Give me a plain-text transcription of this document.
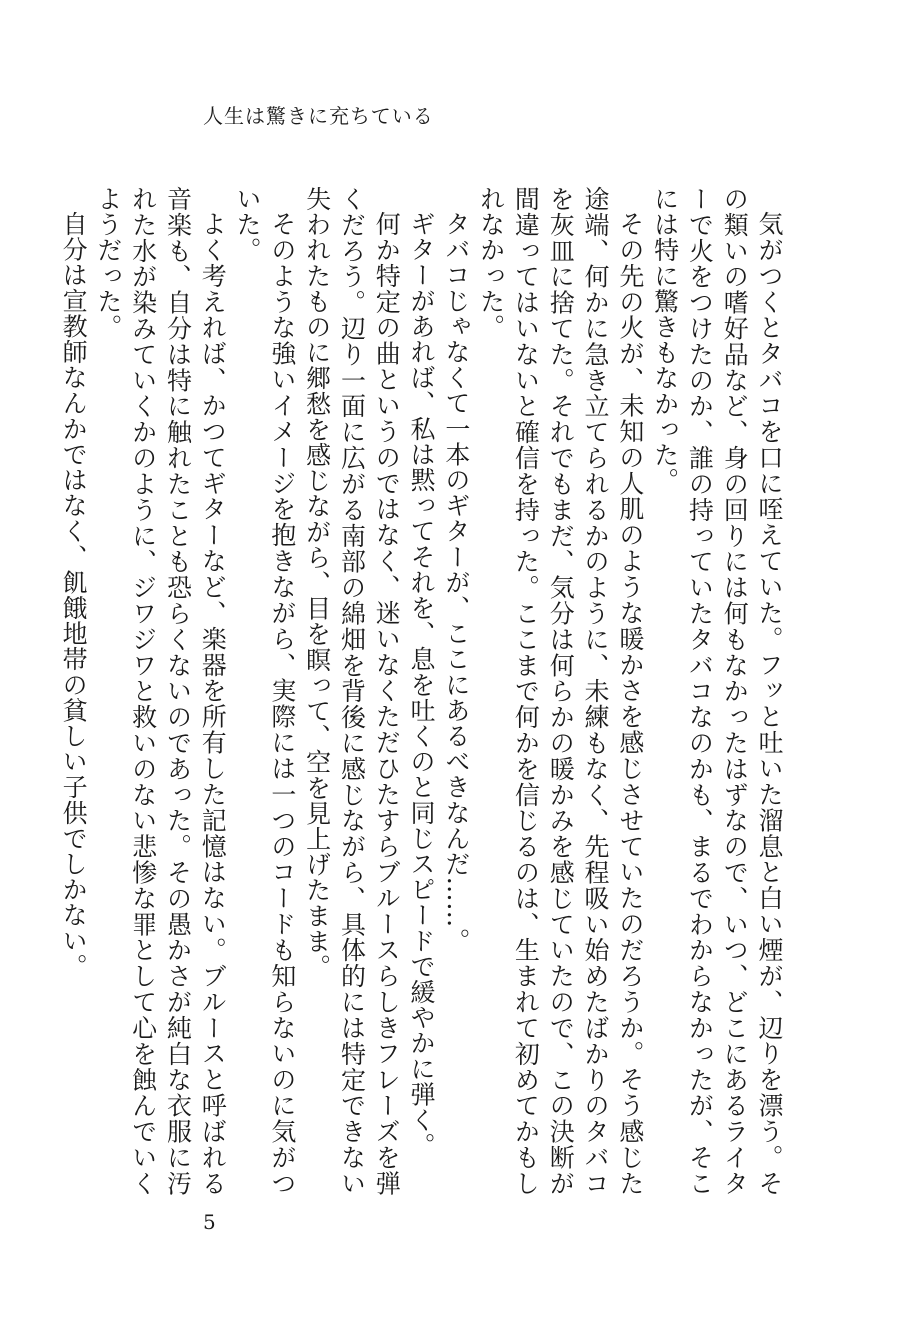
人生は驚きに充ちている

気がつくとタバコを口に咥えていた。フッと吐いた溜息と白い煙が、辺りを漂う。その類いの嗜好品など、身の回りには何もなかったはずなので、いつ、どこにあるライターで火をつけたのか、誰の持っていたタバコなのかも、まるでわからなかったが、そこには特に驚きもなかった。

その先の火が、未知の人肌のような暖かさを感じさせていたのだろうか。そう感じた途端、何かに急き立てられるかのように、未練もなく、先程吸い始めたばかりのタバコを灰皿に捨てた。それでもまだ、気分は何らかの暖かみを感じていたので、この決断が間違ってはいないと確信を持った。ここまで何かを信じるのは、生まれて初めてかもしれなかった。

タバコじゃなくて一本のギターが、ここにあるべきなんだ……。

ギターがあれば、私は黙ってそれを、息を吐くのと同じスピードで緩やかに弾く。

何か特定の曲というのではなく、迷いなくただひたすらブルースらしきフレーズを弾くだろう。辺り一面に広がる南部の綿畑を背後に感じながら、具体的には特定できない失われたものに郷愁を感じながら、目を瞑って、空を見上げたまま。

そのような強いイメージを抱きながら、実際には一つのコードも知らないのに気がついた。

よく考えれば、かつてギターなど、楽器を所有した記憶はない。ブルースと呼ばれる音楽も、自分は特に触れたことも恐らくないのであった。その愚かさが純白な衣服に汚れた水が染みていくかのように、ジワジワと救いのない悲惨な罪として心を蝕んでいくようだった。

自分は宣教師なんかではなく、飢餓地帯の貧しい子供でしかない。

5
